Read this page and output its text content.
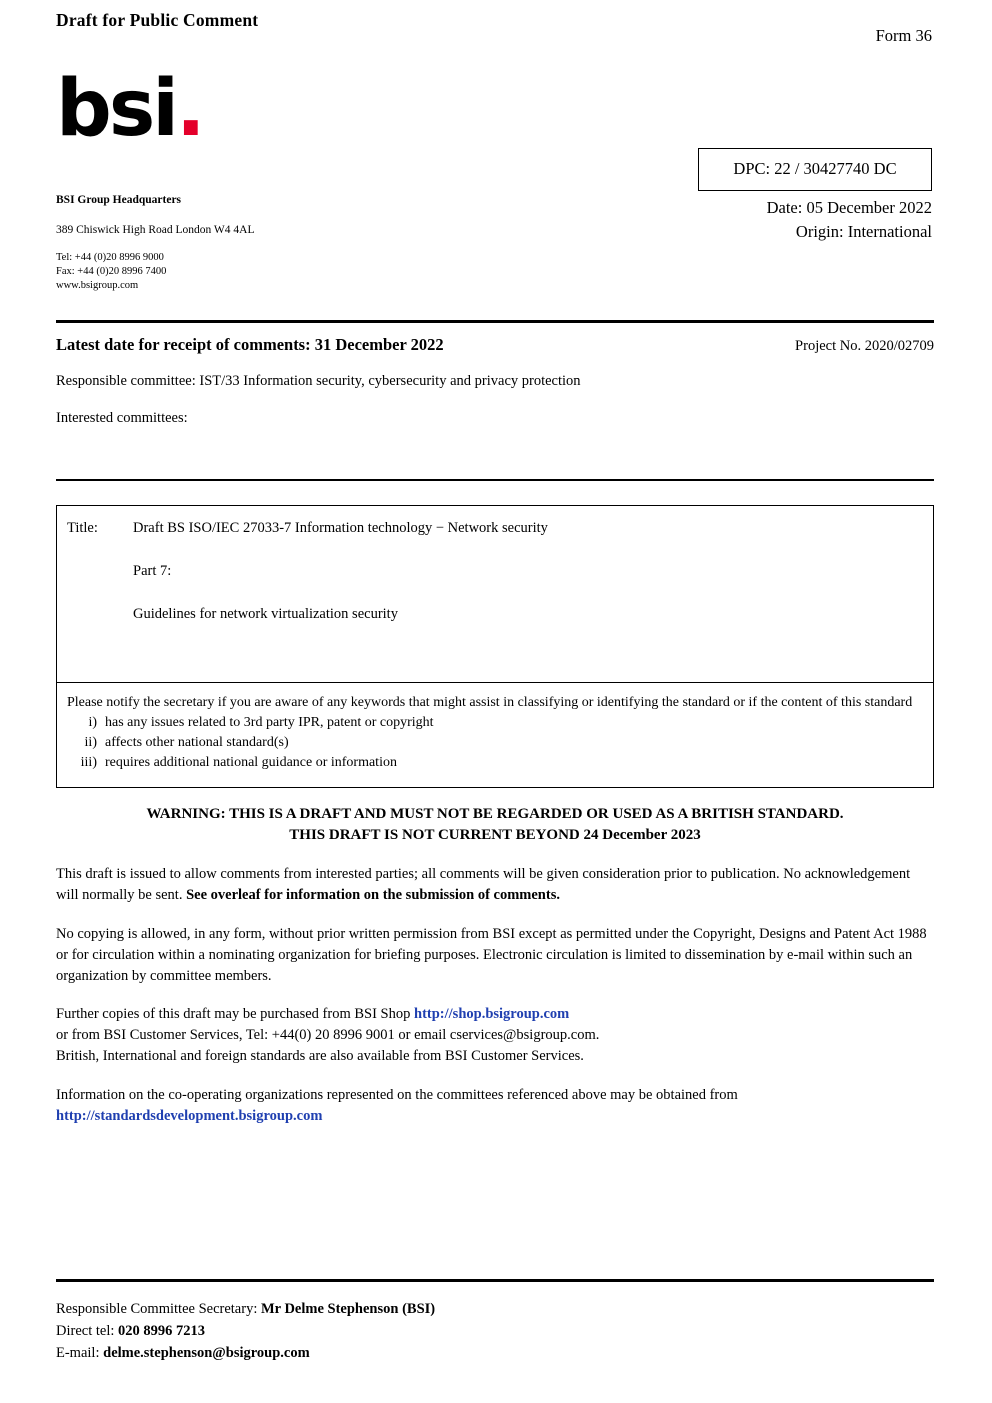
Draft for Public Comment
Form 36
bsi.
DPC: 22 / 30427740 DC
BSI Group Headquarters
389 Chiswick High Road London W4 4AL
Tel: +44 (0)20 8996 9000
Fax: +44 (0)20 8996 7400
www.bsigroup.com
Date: 05 December 2022
Origin: International
Latest date for receipt of comments: 31 December 2022	Project No. 2020/02709
Responsible committee: IST/33 Information security, cybersecurity and privacy protection
Interested committees:
Title:	Draft BS ISO/IEC 27033-7 Information technology − Network security
Part 7:
Guidelines for network virtualization security
Please notify the secretary if you are aware of any keywords that might assist in classifying or identifying the standard or if the content of this standard
i) has any issues related to 3rd party IPR, patent or copyright
ii) affects other national standard(s)
iii) requires additional national guidance or information
WARNING: THIS IS A DRAFT AND MUST NOT BE REGARDED OR USED AS A BRITISH STANDARD.
THIS DRAFT IS NOT CURRENT BEYOND 24 December 2023
This draft is issued to allow comments from interested parties; all comments will be given consideration prior to publication. No acknowledgement will normally be sent. See overleaf for information on the submission of comments.
No copying is allowed, in any form, without prior written permission from BSI except as permitted under the Copyright, Designs and Patent Act 1988 or for circulation within a nominating organization for briefing purposes. Electronic circulation is limited to dissemination by e-mail within such an organization by committee members.
Further copies of this draft may be purchased from BSI Shop http://shop.bsigroup.com
or from BSI Customer Services, Tel: +44(0) 20 8996 9001 or email cservices@bsigroup.com.
British, International and foreign standards are also available from BSI Customer Services.
Information on the co-operating organizations represented on the committees referenced above may be obtained from
http://standardsdevelopment.bsigroup.com
Responsible Committee Secretary: Mr Delme Stephenson (BSI)
Direct tel: 020 8996 7213
E-mail: delme.stephenson@bsigroup.com
